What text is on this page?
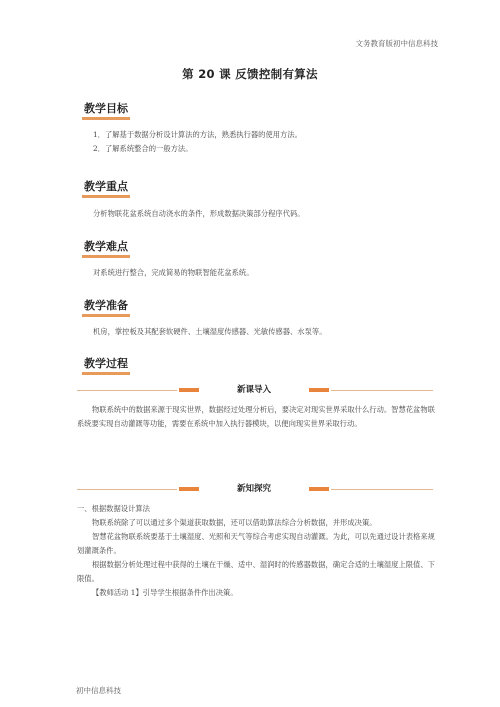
文务教育版初中信息科技
第 20 课 反馈控制有算法
教学目标

1．了解基于数据分析设计算法的方法，熟悉执行器的使用方法。

2．了解系统整合的一般方法。

教学重点

分析物联花盆系统自动浇水的条件，形成数据决策部分程序代码。

教学难点

对系统进行整合，完成简易的物联智能花盆系统。

教学准备

机房，掌控板及其配套软硬件、土壤湿度传感器、光敏传感器、水泵等。

教学过程
新课导入

物联系统中的数据来源于现实世界，数据经过处理分析后，要决定对现实世界采取什么行动。智慧花盆物联系统要实现自动灌溉等功能，需要在系统中加入执行器模块，以便向现实世界采取行动。

新知探究

一、根据数据设计算法

物联系统除了可以通过多个渠道获取数据，还可以借助算法综合分析数据，并形成决策。

智慧花盆物联系统要基于土壤湿度、光照和天气等综合考虑实现自动灌溉。为此，可以先通过设计表格来规划灌溉条件。

根据数据分析处理过程中获得的土壤在干燥、适中、湿润时的传感器数据，确定合适的土壤湿度上限值、下限值。

【教师活动 1】引导学生根据条件作出决策。

初中信息科技
